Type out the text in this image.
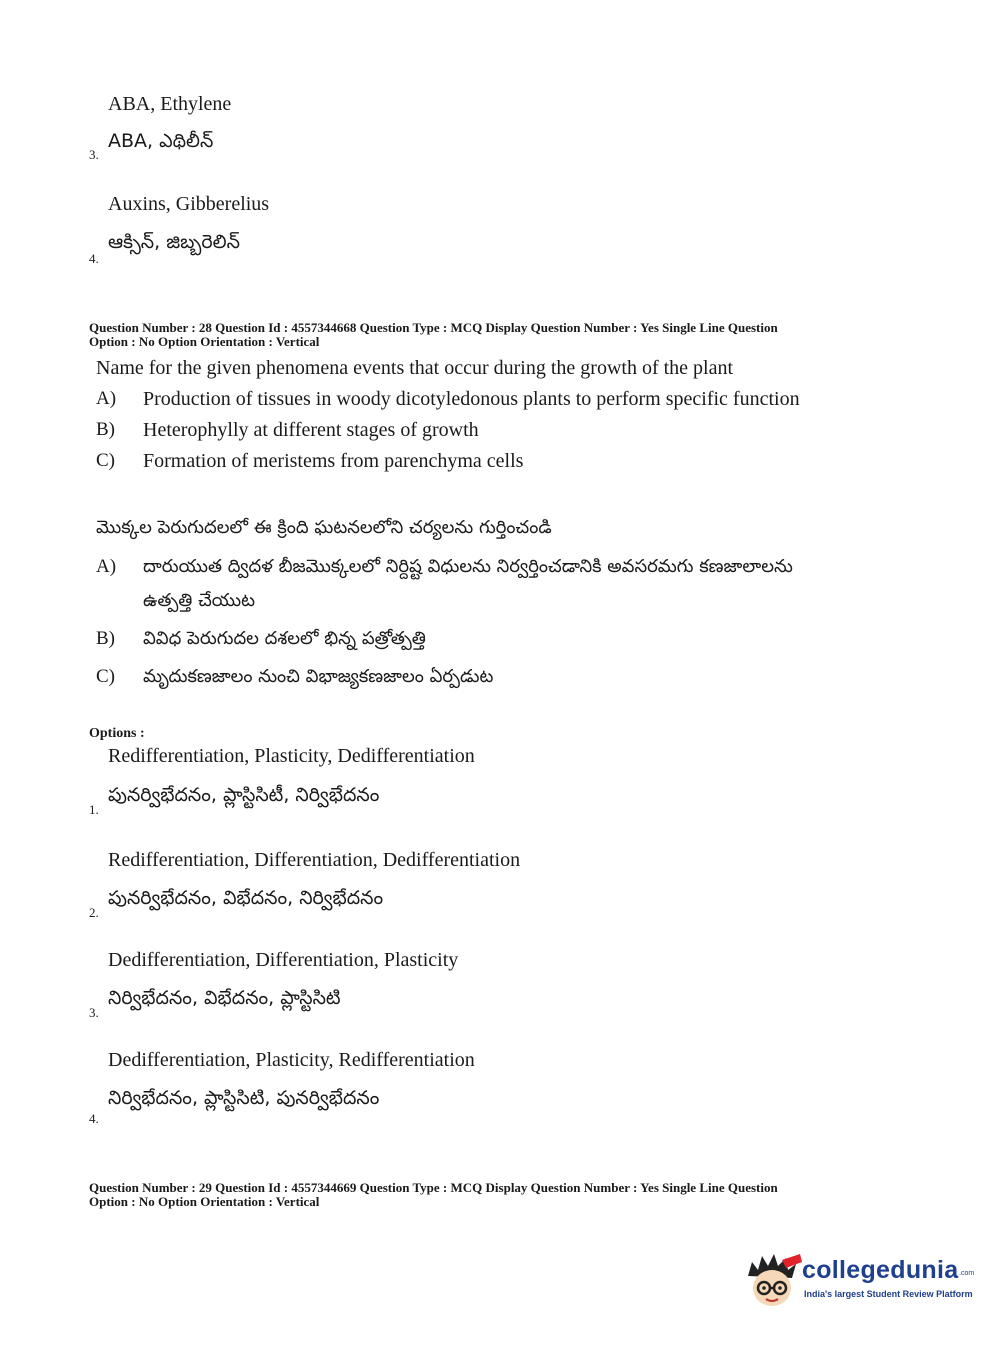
ABA, Ethylene
ABA, ఎథిలీన్
3.
Auxins, Gibberelius
ఆక్సిన్, జిబ్బరెలిన్
4.
Question Number : 28 Question Id : 4557344668 Question Type : MCQ Display Question Number : Yes Single Line Question
Option : No Option Orientation : Vertical
Name for the given phenomena events that occur during the growth of the plant
A) Production of tissues in woody dicotyledonous plants to perform specific function
B) Heterophylly at different stages of growth
C) Formation of meristems from parenchyma cells
మొక్కల పెరుగుదలలో ఈ క్రింది ఘటనలలోని చర్యలను గుర్తించండి
A) దారుయుత ద్విదళ బీజమొక్కలలో నిర్దిష్ట విధులను నిర్వర్తించడానికి అవసరమగు కణజాలాలను
ఉత్పత్తి చేయుట
B) వివిధ పెరుగుదల దశలలో భిన్న పత్రోత్పత్తి
C) మృదుకణజాలం నుంచి విభాజ్యకణజాలం ఏర్పడుట
Options :
Redifferentiation, Plasticity, Dedifferentiation
పునర్విభేదనం, ప్లాస్టిసిటీ, నిర్విభేదనం
1.
Redifferentiation, Differentiation, Dedifferentiation
పునర్విభేదనం, విభేదనం, నిర్విభేదనం
2.
Dedifferentiation, Differentiation, Plasticity
నిర్విభేదనం, విభేదనం, ప్లాస్టిసిటి
3.
Dedifferentiation, Plasticity, Redifferentiation
నిర్విభేదనం, ప్లాస్టిసిటి, పునర్విభేదనం
4.
Question Number : 29 Question Id : 4557344669 Question Type : MCQ Display Question Number : Yes Single Line Question
Option : No Option Orientation : Vertical
collegedunia .com
India's largest Student Review Platform
